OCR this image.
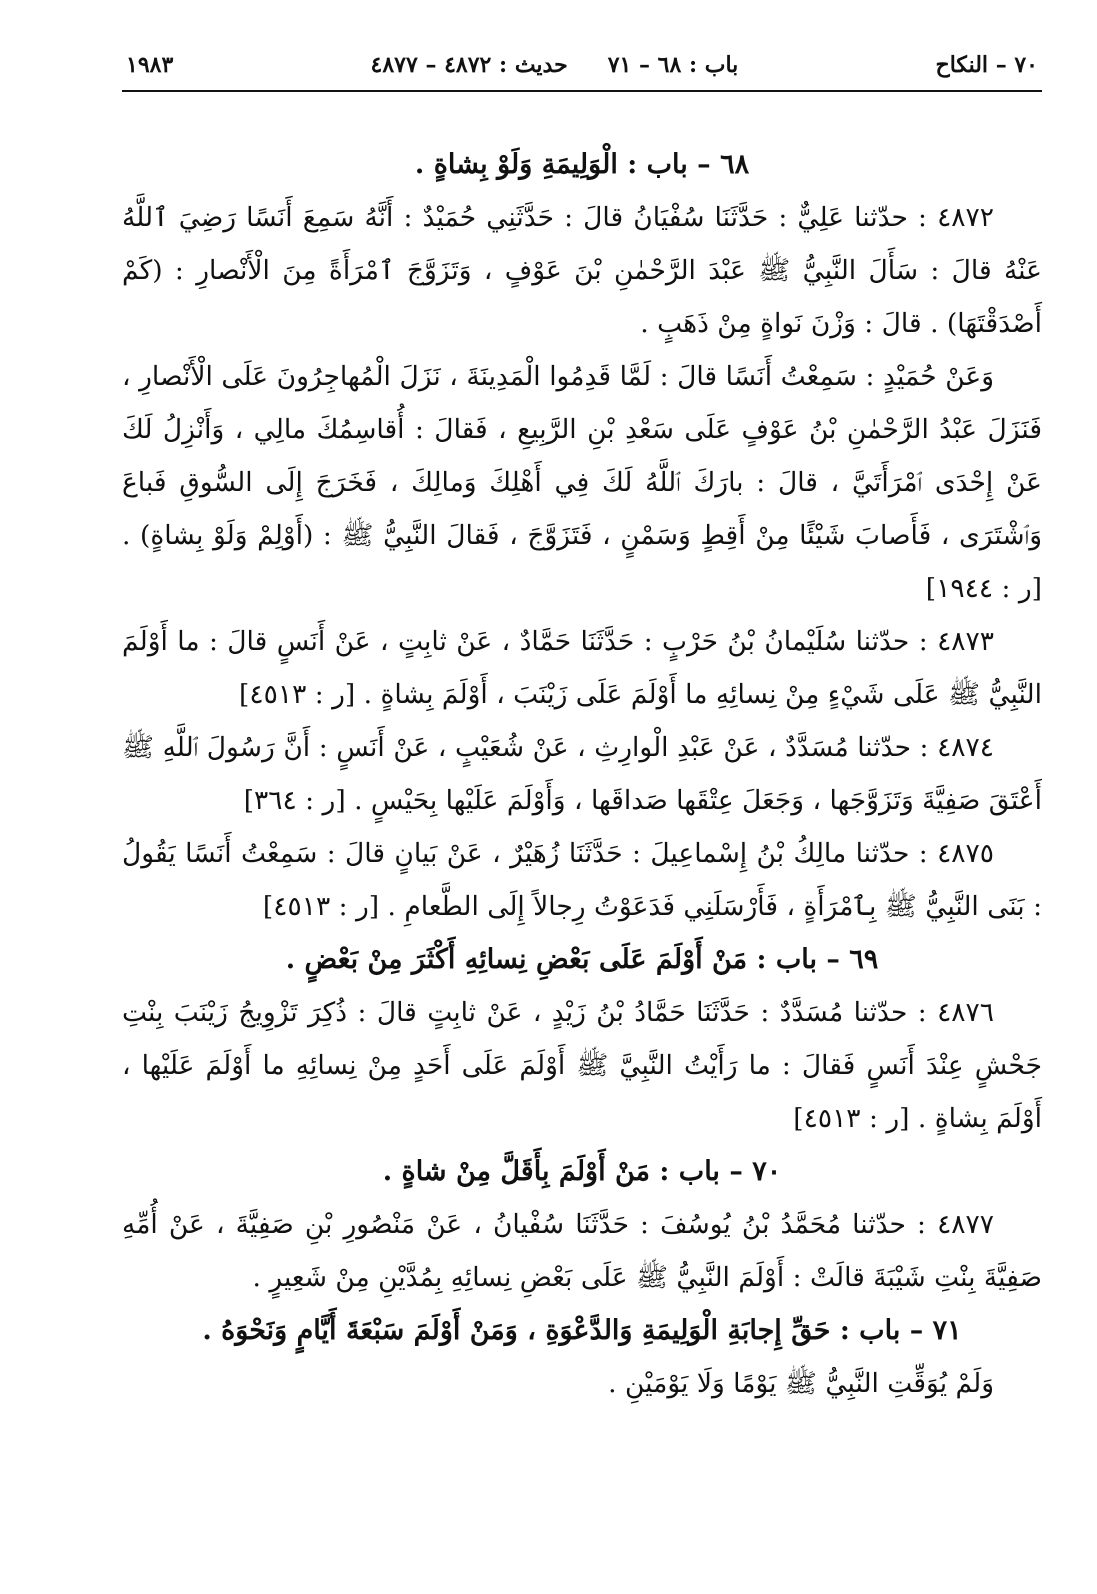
٧٠ – النكاح
باب : ٦٨ – ٧١
حديث : ٤٨٧٢ – ٤٨٧٧
١٩٨٣

٦٨ – باب : الْوَلِيمَةِ وَلَوْ بِشاةٍ .

٤٨٧٢ : حدّثنا عَلِيٌّ : حَدَّثَنَا سُفْيَانُ قالَ : حَدَّثَنِي حُمَيْدٌ : أَنَّهُ سَمِعَ أَنَسًا رَضِيَ ٱللَّهُ عَنْهُ قالَ : سَأَلَ النَّبِيُّ ﷺ عَبْدَ الرَّحْمٰنِ بْنَ عَوْفٍ ، وَتَزَوَّجَ ٱمْرَأَةً مِنَ الْأَنْصارِ : (كَمْ أَصْدَقْتَهَا) . قالَ : وَزْنَ نَواةٍ مِنْ ذَهَبٍ .

وَعَنْ حُمَيْدٍ : سَمِعْتُ أَنَسًا قالَ : لَمَّا قَدِمُوا الْمَدِينَةَ ، نَزَلَ الْمُهاجِرُونَ عَلَى الْأَنْصارِ ، فَنَزَلَ عَبْدُ الرَّحْمٰنِ بْنُ عَوْفٍ عَلَى سَعْدِ بْنِ الرَّبِيعِ ، فَقالَ : أُقاسِمُكَ مالِي ، وَأَنْزِلُ لَكَ عَنْ إِحْدَى ٱمْرَأَتَيَّ ، قالَ : بارَكَ ٱللَّهُ لَكَ فِي أَهْلِكَ وَمالِكَ ، فَخَرَجَ إِلَى السُّوقِ فَباعَ وَٱشْتَرَى ، فَأَصابَ شَيْئًا مِنْ أَقِطٍ وَسَمْنٍ ، فَتَزَوَّجَ ، فَقالَ النَّبِيُّ ﷺ : (أَوْلِمْ وَلَوْ بِشاةٍ) . [ر : ١٩٤٤]

٤٨٧٣ : حدّثنا سُلَيْمانُ بْنُ حَرْبٍ : حَدَّثَنَا حَمَّادٌ ، عَنْ ثابِتٍ ، عَنْ أَنَسٍ قالَ : ما أَوْلَمَ النَّبِيُّ ﷺ عَلَى شَيْءٍ مِنْ نِسائِهِ ما أَوْلَمَ عَلَى زَيْنَبَ ، أَوْلَمَ بِشاةٍ . [ر : ٤٥١٣]

٤٨٧٤ : حدّثنا مُسَدَّدٌ ، عَنْ عَبْدِ الْوارِثِ ، عَنْ شُعَيْبٍ ، عَنْ أَنَسٍ : أَنَّ رَسُولَ ٱللَّهِ ﷺ أَعْتَقَ صَفِيَّةَ وَتَزَوَّجَها ، وَجَعَلَ عِتْقَها صَداقَها ، وَأَوْلَمَ عَلَيْها بِحَيْسٍ . [ر : ٣٦٤]

٤٨٧٥ : حدّثنا مالِكُ بْنُ إِسْماعِيلَ : حَدَّثَنَا زُهَيْرٌ ، عَنْ بَيانٍ قالَ : سَمِعْتُ أَنَسًا يَقُولُ : بَنَى النَّبِيُّ ﷺ بِٱمْرَأَةٍ ، فَأَرْسَلَنِي فَدَعَوْتُ رِجالاً إِلَى الطَّعامِ . [ر : ٤٥١٣]

٦٩ – باب : مَنْ أَوْلَمَ عَلَى بَعْضِ نِسائِهِ أَكْثَرَ مِنْ بَعْضٍ .

٤٨٧٦ : حدّثنا مُسَدَّدٌ : حَدَّثَنَا حَمَّادُ بْنُ زَيْدٍ ، عَنْ ثابِتٍ قالَ : ذُكِرَ تَزْوِيجُ زَيْنَبَ بِنْتِ جَحْشٍ عِنْدَ أَنَسٍ فَقالَ : ما رَأَيْتُ النَّبِيَّ ﷺ أَوْلَمَ عَلَى أَحَدٍ مِنْ نِسائِهِ ما أَوْلَمَ عَلَيْها ، أَوْلَمَ بِشاةٍ . [ر : ٤٥١٣]

٧٠ – باب : مَنْ أَوْلَمَ بِأَقَلَّ مِنْ شاةٍ .

٤٨٧٧ : حدّثنا مُحَمَّدُ بْنُ يُوسُفَ : حَدَّثَنَا سُفْيانُ ، عَنْ مَنْصُورِ بْنِ صَفِيَّةَ ، عَنْ أُمِّهِ صَفِيَّةَ بِنْتِ شَيْبَةَ قالَتْ : أَوْلَمَ النَّبِيُّ ﷺ عَلَى بَعْضِ نِسائِهِ بِمُدَّيْنِ مِنْ شَعِيرٍ .

٧١ – باب : حَقِّ إِجابَةِ الْوَلِيمَةِ وَالدَّعْوَةِ ، وَمَنْ أَوْلَمَ سَبْعَةَ أَيَّامٍ وَنَحْوَهُ .

وَلَمْ يُوَقِّتِ النَّبِيُّ ﷺ يَوْمًا وَلَا يَوْمَيْنِ .
